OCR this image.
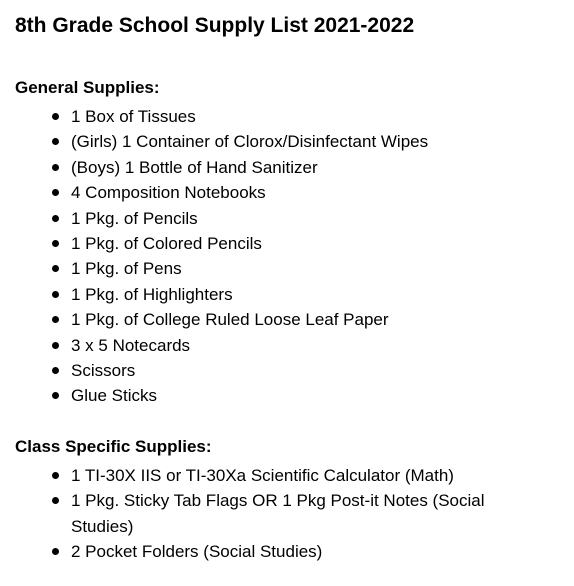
8th Grade School Supply List 2021-2022
General Supplies:
1 Box of Tissues
(Girls) 1 Container of Clorox/Disinfectant Wipes
(Boys) 1 Bottle of Hand Sanitizer
4 Composition Notebooks
1 Pkg. of Pencils
1 Pkg. of Colored Pencils
1 Pkg. of Pens
1 Pkg. of Highlighters
1 Pkg. of College Ruled Loose Leaf Paper
3 x 5 Notecards
Scissors
Glue Sticks
Class Specific Supplies:
1 TI-30X IIS or TI-30Xa Scientific Calculator (Math)
1 Pkg. Sticky Tab Flags OR 1 Pkg Post-it Notes (Social Studies)
2 Pocket Folders (Social Studies)
